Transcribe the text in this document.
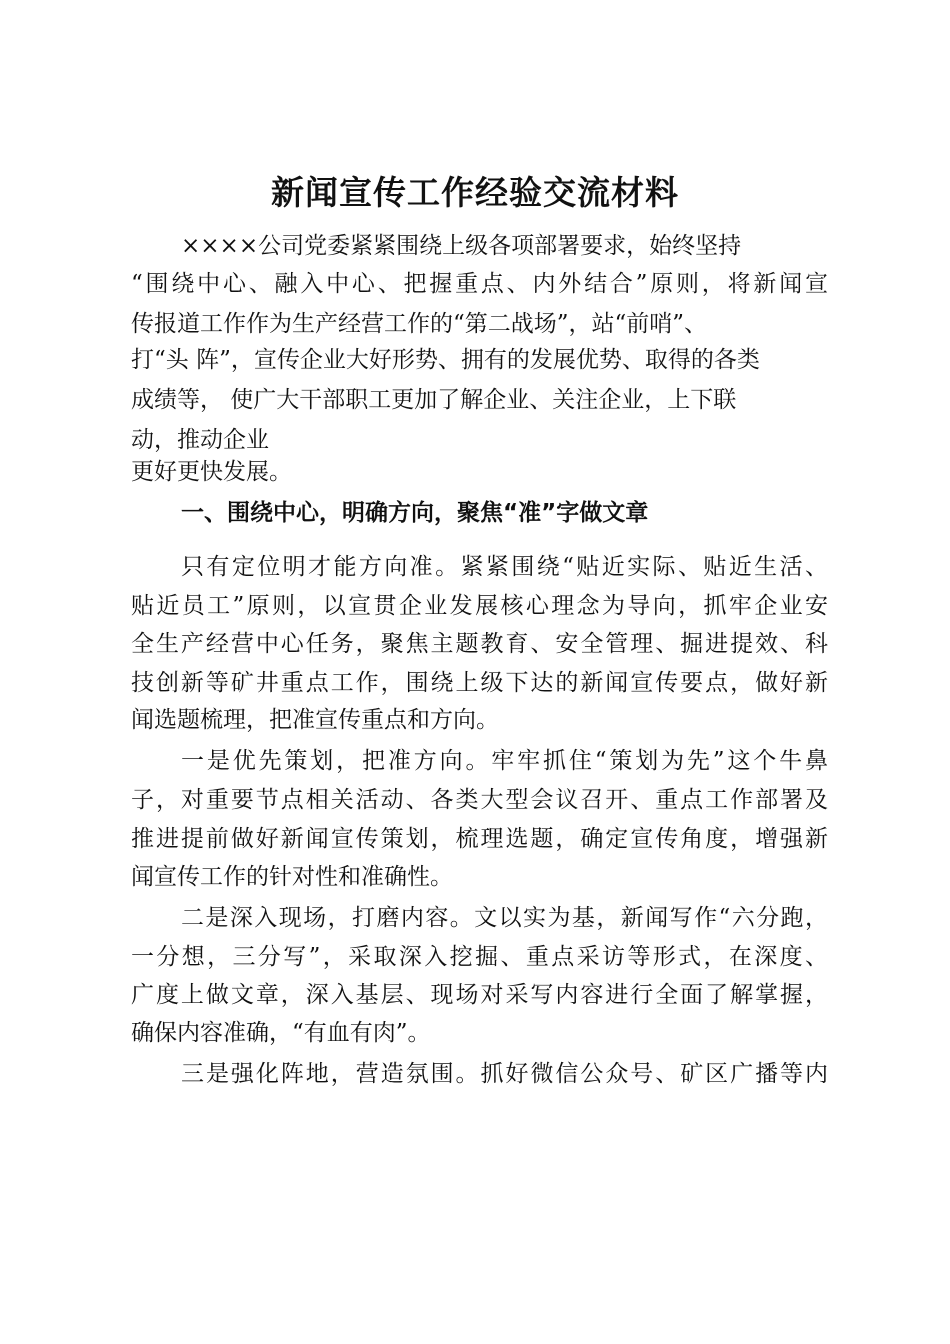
新闻宣传工作经验交流材料
××××公司党委紧紧围绕上级各项部署要求，始终坚持
“围绕中心、融入中心、把握重点、内外结合”原则，将新闻宣
传报道工作作为生产经营工作的“第二战场”，站“前哨”、
打“头 阵”，宣传企业大好形势、拥有的发展优势、取得的各类
成绩等， 使广大干部职工更加了解企业、关注企业，上下联
动，推动企业
更好更快发展。
一、围绕中心，明确方向，聚焦“准”字做文章
只有定位明才能方向准。紧紧围绕“贴近实际、贴近生活、
贴近员工”原则，以宣贯企业发展核心理念为导向，抓牢企业安
全生产经营中心任务，聚焦主题教育、安全管理、掘进提效、科
技创新等矿井重点工作，围绕上级下达的新闻宣传要点，做好新
闻选题梳理，把准宣传重点和方向。
一是优先策划，把准方向。牢牢抓住“策划为先”这个牛鼻
子，对重要节点相关活动、各类大型会议召开、重点工作部署及
推进提前做好新闻宣传策划，梳理选题，确定宣传角度，增强新
闻宣传工作的针对性和准确性。
二是深入现场，打磨内容。文以实为基，新闻写作“六分跑，
一分想，三分写”，采取深入挖掘、重点采访等形式，在深度、
广度上做文章，深入基层、现场对采写内容进行全面了解掌握，
确保内容准确，“有血有肉”。
三是强化阵地，营造氛围。抓好微信公众号、矿区广播等内
